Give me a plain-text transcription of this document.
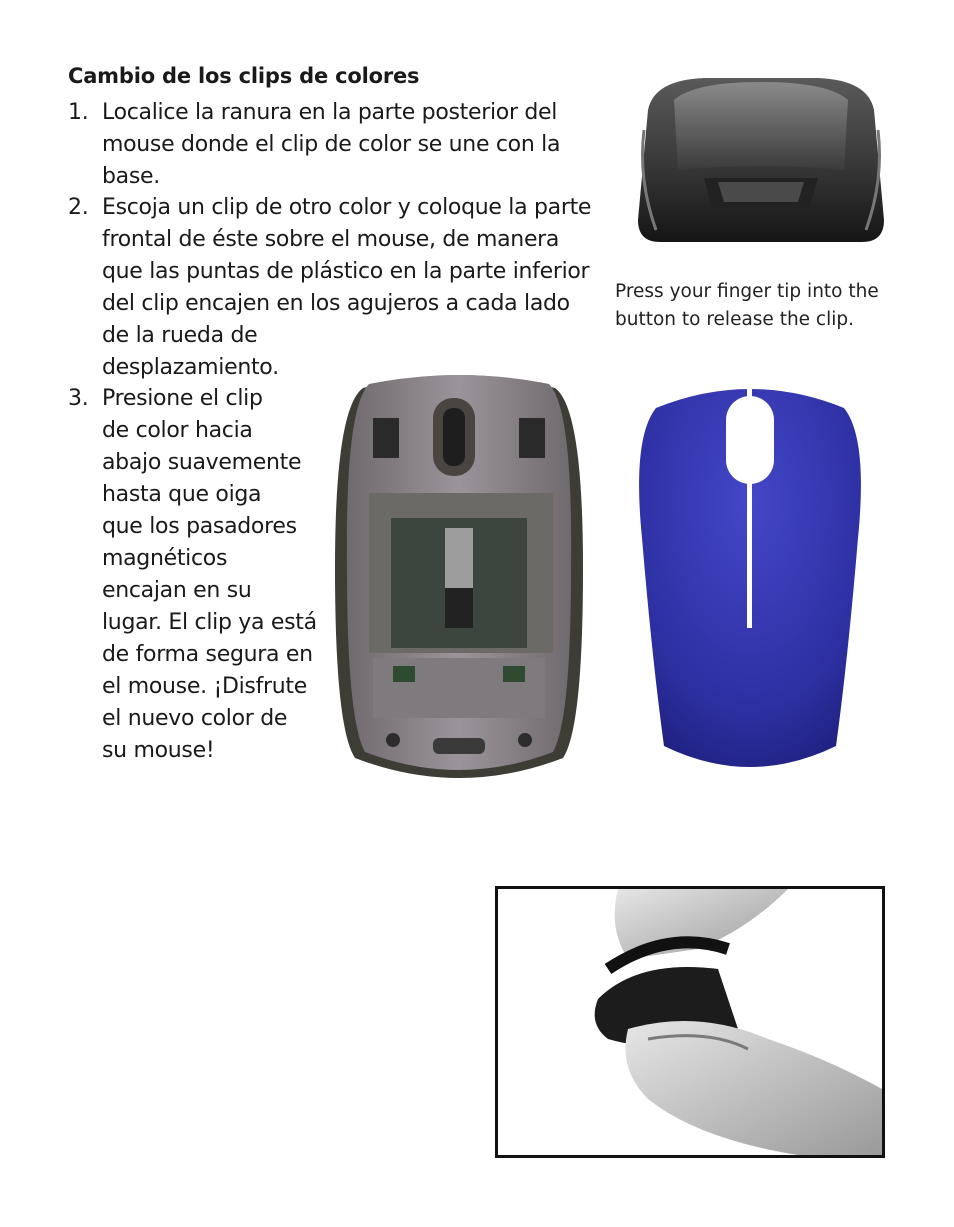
Cambio de los clips de colores
1. Localice la ranura en la parte posterior del
mouse donde el clip de color se une con la
base.
2. Escoja un clip de otro color y coloque la parte
frontal de éste sobre el mouse, de manera
que las puntas de plástico en la parte inferior
del clip encajen en los agujeros a cada lado
de la rueda de
desplazamiento.
3. Presione el clip
de color hacia
abajo suavemente
hasta que oiga
que los pasadores
magnéticos
encajan en su
lugar. El clip ya está
de forma segura en
el mouse. ¡Disfrute
el nuevo color de
su mouse!
Press your finger tip into the
button to release the clip.
